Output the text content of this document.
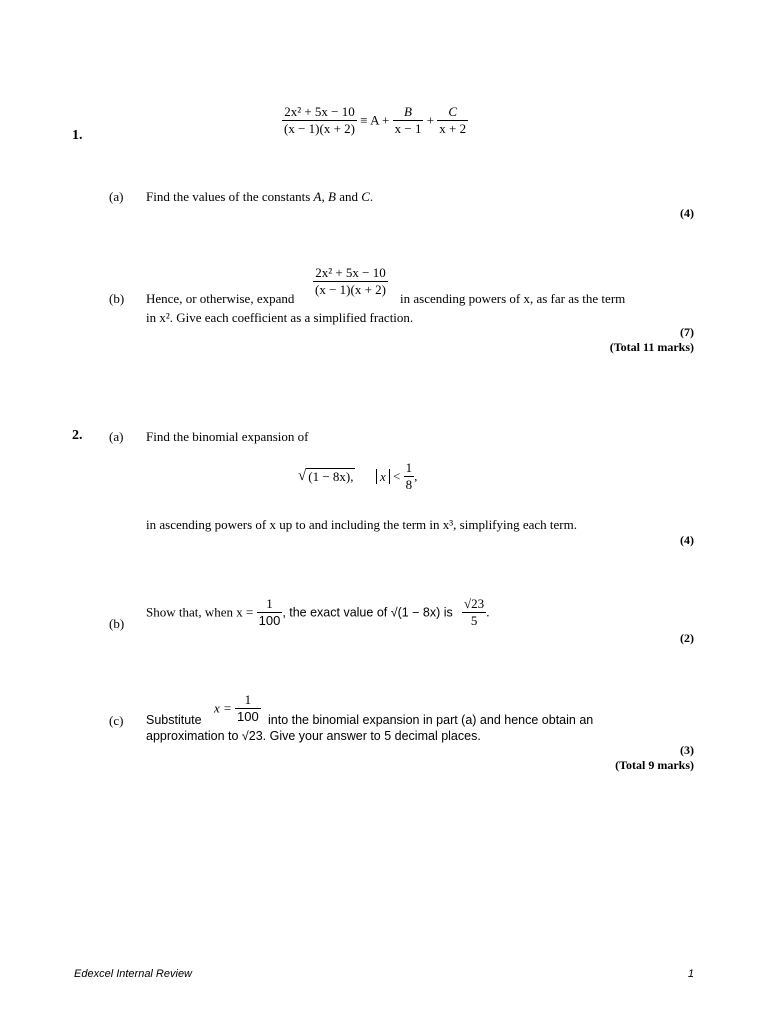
1.	$\frac{\text{2x² + 5x − 10}}{(x - 1)(x + 2)} \equiv A + \frac{B}{x - 1} + \frac{C}{x + 2}$
(a) Find the values of the constants A, B and C.
(4)
$\frac{\text{2x² + 5x − 10}}{(x - 1)(x + 2)}$
(b) Hence, or otherwise, expand	in ascending powers of x, as far as the term
in x². Give each coefficient as a simplified fraction.
(7)
(Total 11 marks)
2. (a) Find the binomial expansion of
√ (1 − 8x), $x < \frac{1}{8}$ ,
in ascending powers of x up to and including the term in x³, simplifying each term.
(4)
(b)
Show that, when $x = \frac{1}{100}$ , the exact value of √(1 − 8x) is $\frac{√23}{5}$ .
(2)
$x = \frac{1}{100}$
(c) Substitute	into the binomial expansion in part (a) and hence obtain an
approximation to √23. Give your answer to 5 decimal places.
(3)
(Total 9 marks)
Edexcel Internal Review	1
